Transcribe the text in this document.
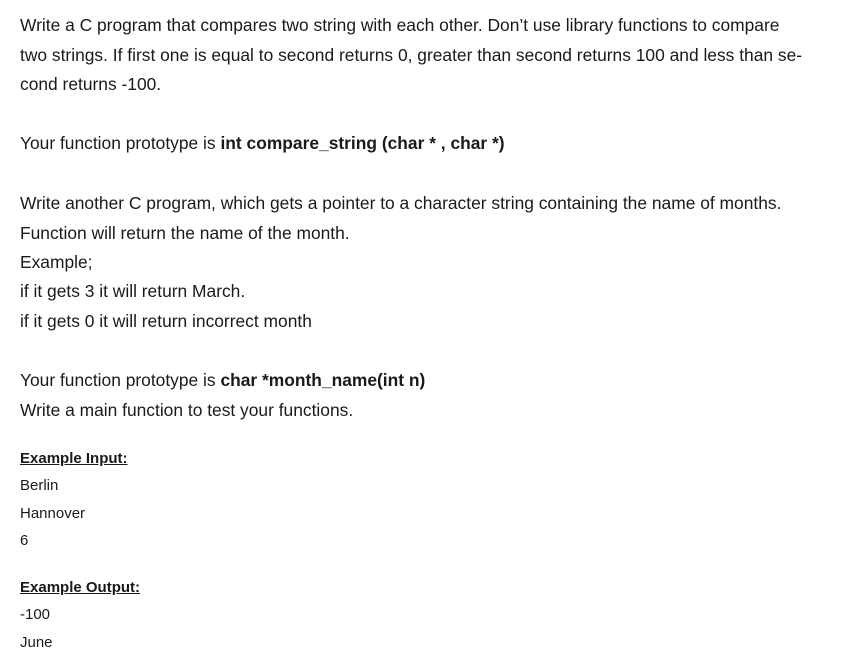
Write a C program that compares two string with each other. Don’t use library functions to compare
two strings. If first one is equal to second returns 0, greater than second returns 100 and less than se-
cond returns -100.
Your function prototype is int compare_string (char * , char *)
Write another C program, which gets a pointer to a character string containing the name of months.
Function will return the name of the month.
Example;
if it gets 3 it will return March.
if it gets 0 it will return incorrect month
Your function prototype is char *month_name(int n)
Write a main function to test your functions.
Example Input:
Berlin
Hannover
6
Example Output:
-100
June
